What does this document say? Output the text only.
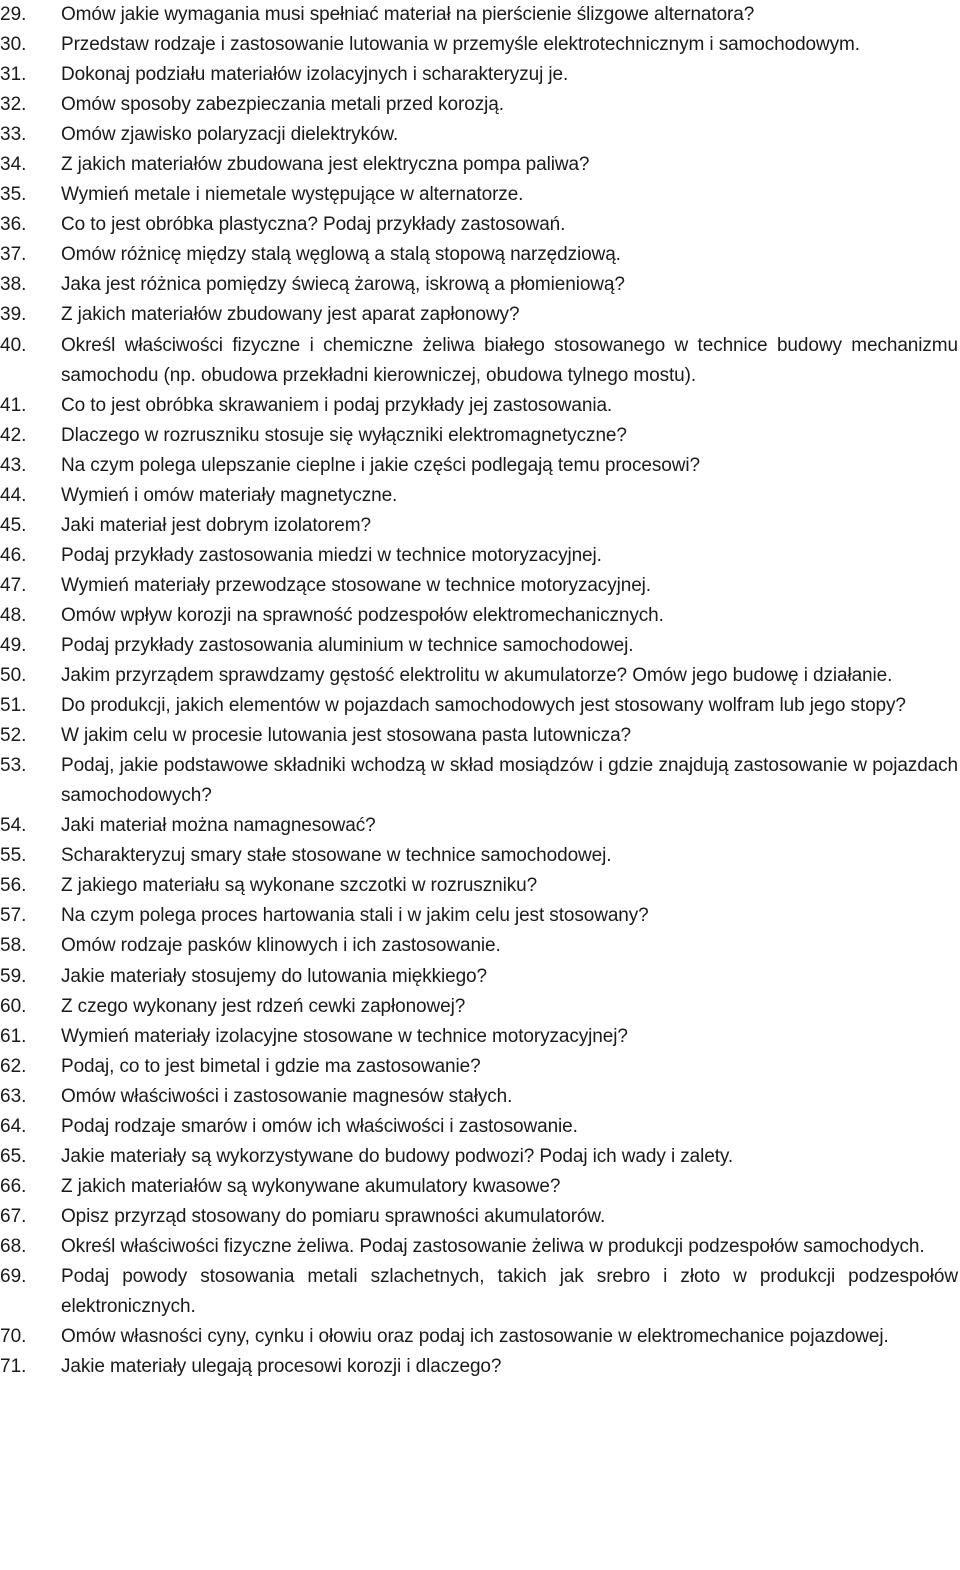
29.	Omów jakie wymagania musi spełniać materiał na pierścienie ślizgowe alternatora?
30.	Przedstaw rodzaje i zastosowanie lutowania w przemyśle elektrotechnicznym i samochodowym.
31.	Dokonaj podziału materiałów izolacyjnych i scharakteryzuj je.
32.	Omów sposoby zabezpieczania metali przed korozją.
33.	Omów zjawisko polaryzacji dielektryków.
34.	Z jakich materiałów zbudowana jest elektryczna pompa paliwa?
35.	Wymień metale i niemetale występujące w alternatorze.
36.	Co to jest obróbka plastyczna? Podaj przykłady zastosowań.
37.	Omów różnicę między stalą węglową a stalą stopową narzędziową.
38.	Jaka jest różnica pomiędzy świecą żarową, iskrową a płomieniową?
39.	Z jakich materiałów zbudowany jest aparat zapłonowy?
40.	Określ właściwości fizyczne i chemiczne żeliwa białego stosowanego w technice budowy mechanizmu samochodu (np. obudowa przekładni kierowniczej, obudowa tylnego mostu).
41.	Co to jest obróbka skrawaniem i podaj przykłady jej zastosowania.
42.	Dlaczego w rozruszniku stosuje się wyłączniki elektromagnetyczne?
43.	Na czym polega ulepszanie cieplne i jakie części podlegają temu procesowi?
44.	Wymień i omów materiały magnetyczne.
45.	Jaki materiał jest dobrym izolatorem?
46.	Podaj przykłady zastosowania miedzi w technice motoryzacyjnej.
47.	Wymień materiały przewodzące stosowane w technice motoryzacyjnej.
48.	Omów wpływ korozji na sprawność podzespołów elektromechanicznych.
49.	Podaj przykłady zastosowania aluminium w technice samochodowej.
50.	Jakim przyrządem sprawdzamy gęstość elektrolitu w akumulatorze? Omów jego budowę i działanie.
51.	Do produkcji, jakich elementów w pojazdach samochodowych jest stosowany wolfram lub jego stopy?
52.	W jakim celu w procesie lutowania jest stosowana pasta lutownicza?
53.	Podaj, jakie podstawowe składniki wchodzą w skład mosiądzów i gdzie znajdują zastosowanie w pojazdach samochodowych?
54.	Jaki materiał można namagnesować?
55.	Scharakteryzuj smary stałe stosowane w technice samochodowej.
56.	Z jakiego materiału są wykonane szczotki w rozruszniku?
57.	Na czym polega proces hartowania stali i w jakim celu jest stosowany?
58.	Omów rodzaje pasków klinowych i ich zastosowanie.
59.	Jakie materiały stosujemy do lutowania miękkiego?
60.	Z czego wykonany jest rdzeń cewki zapłonowej?
61.	Wymień materiały izolacyjne stosowane w technice motoryzacyjnej?
62.	Podaj, co to jest bimetal i gdzie ma zastosowanie?
63.	Omów właściwości i zastosowanie magnesów stałych.
64.	Podaj rodzaje smarów i omów ich właściwości i zastosowanie.
65.	Jakie materiały są wykorzystywane do budowy podwozi? Podaj ich wady i zalety.
66.	Z jakich materiałów są wykonywane akumulatory kwasowe?
67.	Opisz przyrząd stosowany do pomiaru sprawności akumulatorów.
68.	Określ właściwości fizyczne żeliwa. Podaj zastosowanie żeliwa w produkcji podzespołów samochodych.
69.	Podaj powody stosowania metali szlachetnych, takich jak srebro i złoto w produkcji podzespołów elektronicznych.
70.	Omów własności cyny, cynku i ołowiu oraz podaj ich zastosowanie w elektromechanice pojazdowej.
71.	Jakie materiały ulegają procesowi korozji i dlaczego?
